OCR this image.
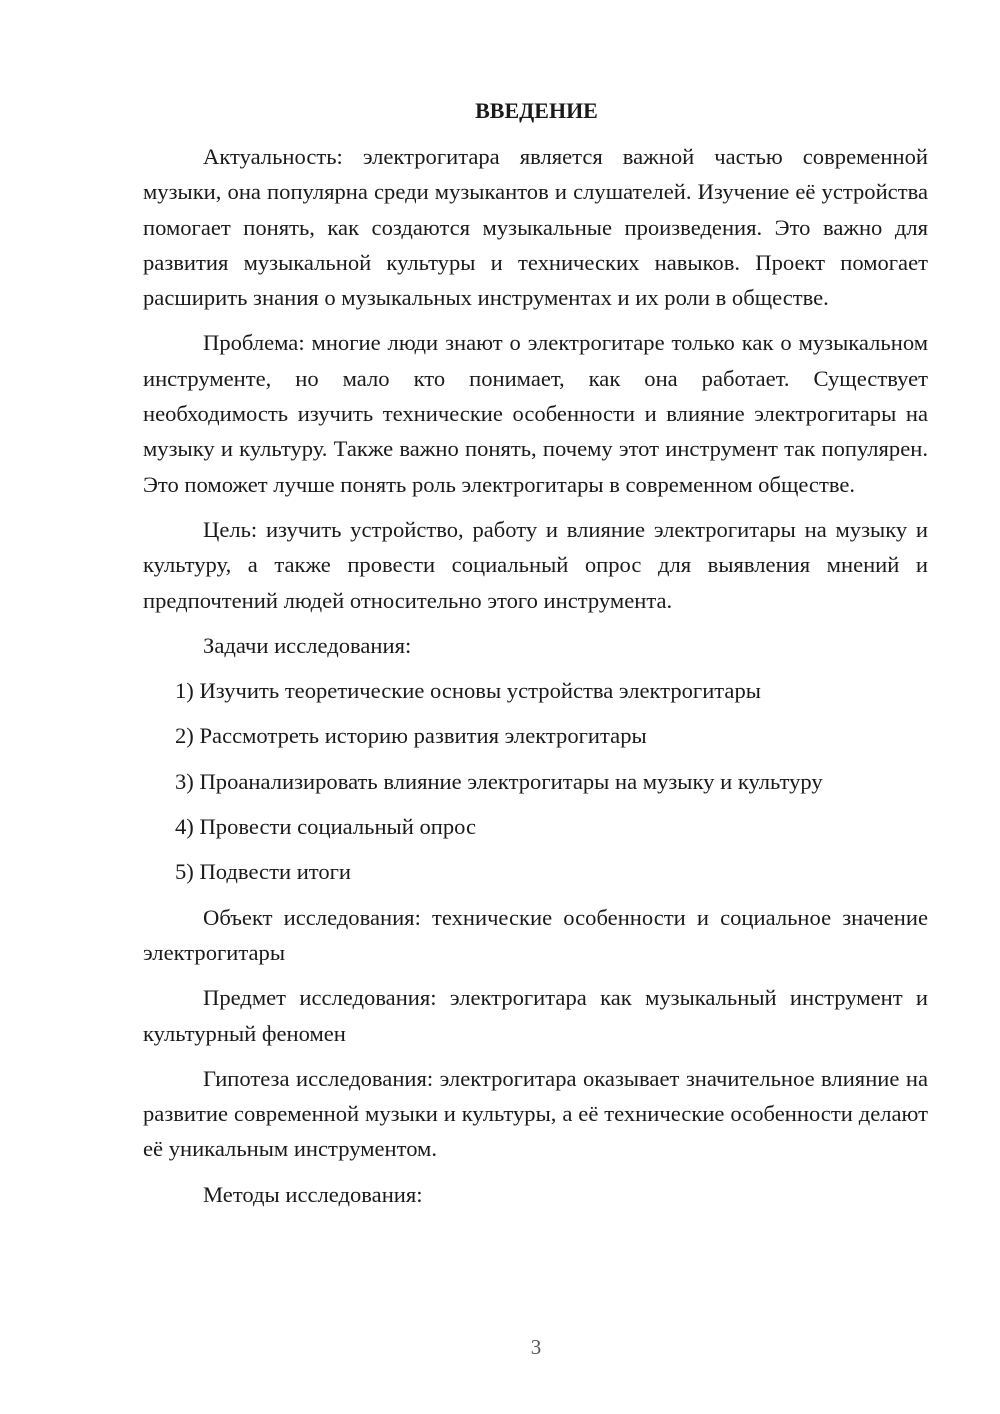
ВВЕДЕНИЕ

Актуальность: электрогитара является важной частью современной музыки, она популярна среди музыкантов и слушателей. Изучение её устройства помогает понять, как создаются музыкальные произведения. Это важно для развития музыкальной культуры и технических навыков. Проект помогает расширить знания о музыкальных инструментах и их роли в обществе.

Проблема: многие люди знают о электрогитаре только как о музыкальном инструменте, но мало кто понимает, как она работает. Существует необходимость изучить технические особенности и влияние электрогитары на музыку и культуру. Также важно понять, почему этот инструмент так популярен. Это поможет лучше понять роль электрогитары в современном обществе.

Цель: изучить устройство, работу и влияние электрогитары на музыку и культуру, а также провести социальный опрос для выявления мнений и предпочтений людей относительно этого инструмента.

Задачи исследования:

1) Изучить теоретические основы устройства электрогитары

2) Рассмотреть историю развития электрогитары

3) Проанализировать влияние электрогитары на музыку и культуру

4) Провести социальный опрос

5) Подвести итоги

Объект исследования: технические особенности и социальное значение электрогитары

Предмет исследования: электрогитара как музыкальный инструмент и культурный феномен

Гипотеза исследования: электрогитара оказывает значительное влияние на развитие современной музыки и культуры, а её технические особенности делают её уникальным инструментом.

Методы исследования:

3
